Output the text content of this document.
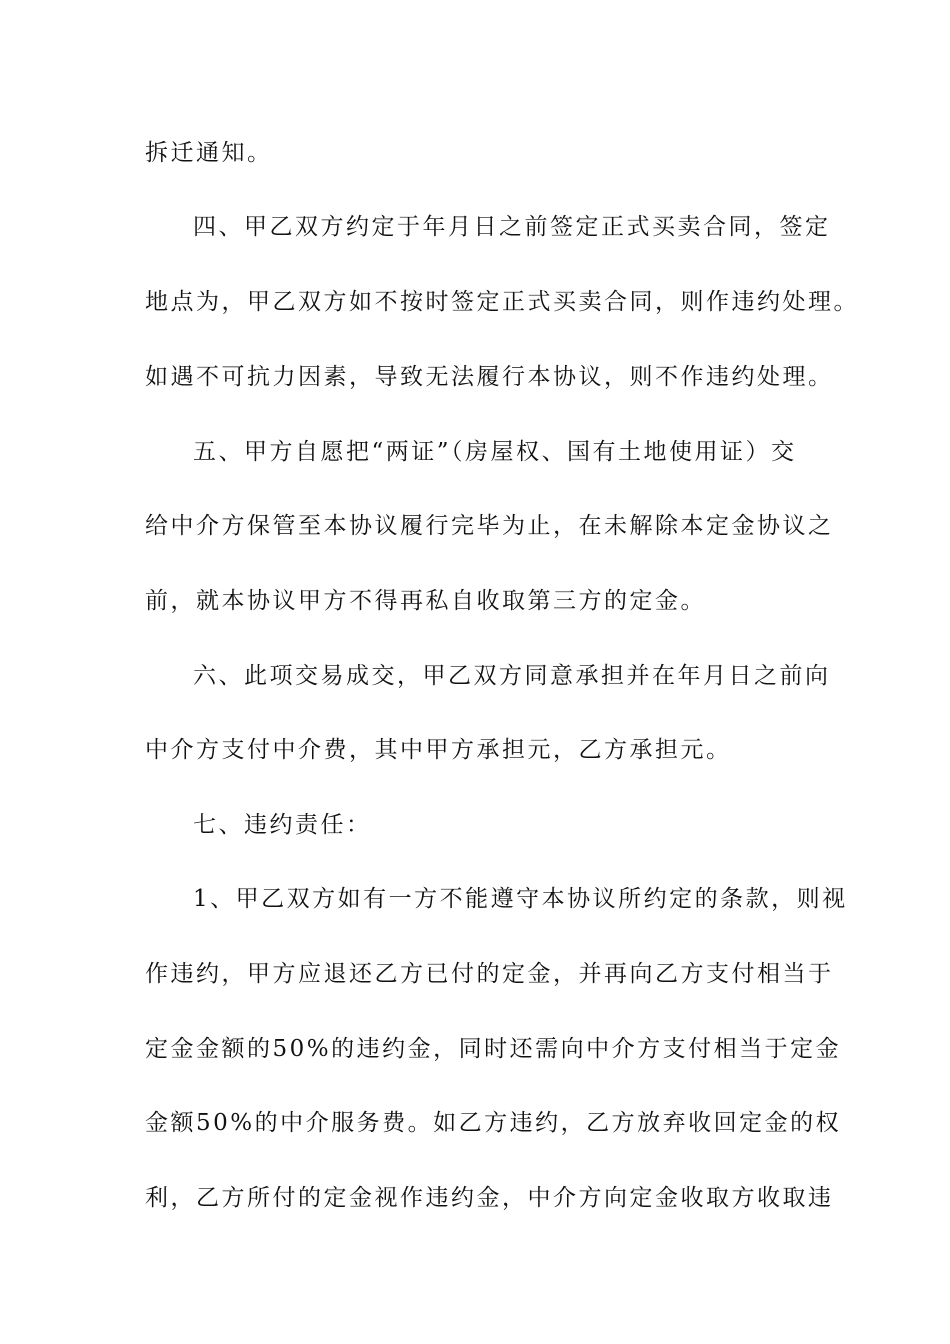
拆迁通知。
四、甲乙双方约定于年月日之前签定正式买卖合同，签定
地点为，甲乙双方如不按时签定正式买卖合同，则作违约处理。
如遇不可抗力因素，导致无法履行本协议，则不作违约处理。
五、甲方自愿把“两证”（房屋权、国有土地使用证）交
给中介方保管至本协议履行完毕为止，在未解除本定金协议之
前，就本协议甲方不得再私自收取第三方的定金。
六、此项交易成交，甲乙双方同意承担并在年月日之前向
中介方支付中介费，其中甲方承担元，乙方承担元。
七、违约责任：
1、甲乙双方如有一方不能遵守本协议所约定的条款，则视
作违约，甲方应退还乙方已付的定金，并再向乙方支付相当于
定金金额的50%的违约金，同时还需向中介方支付相当于定金
金额50%的中介服务费。如乙方违约，乙方放弃收回定金的权
利，乙方所付的定金视作违约金，中介方向定金收取方收取违
